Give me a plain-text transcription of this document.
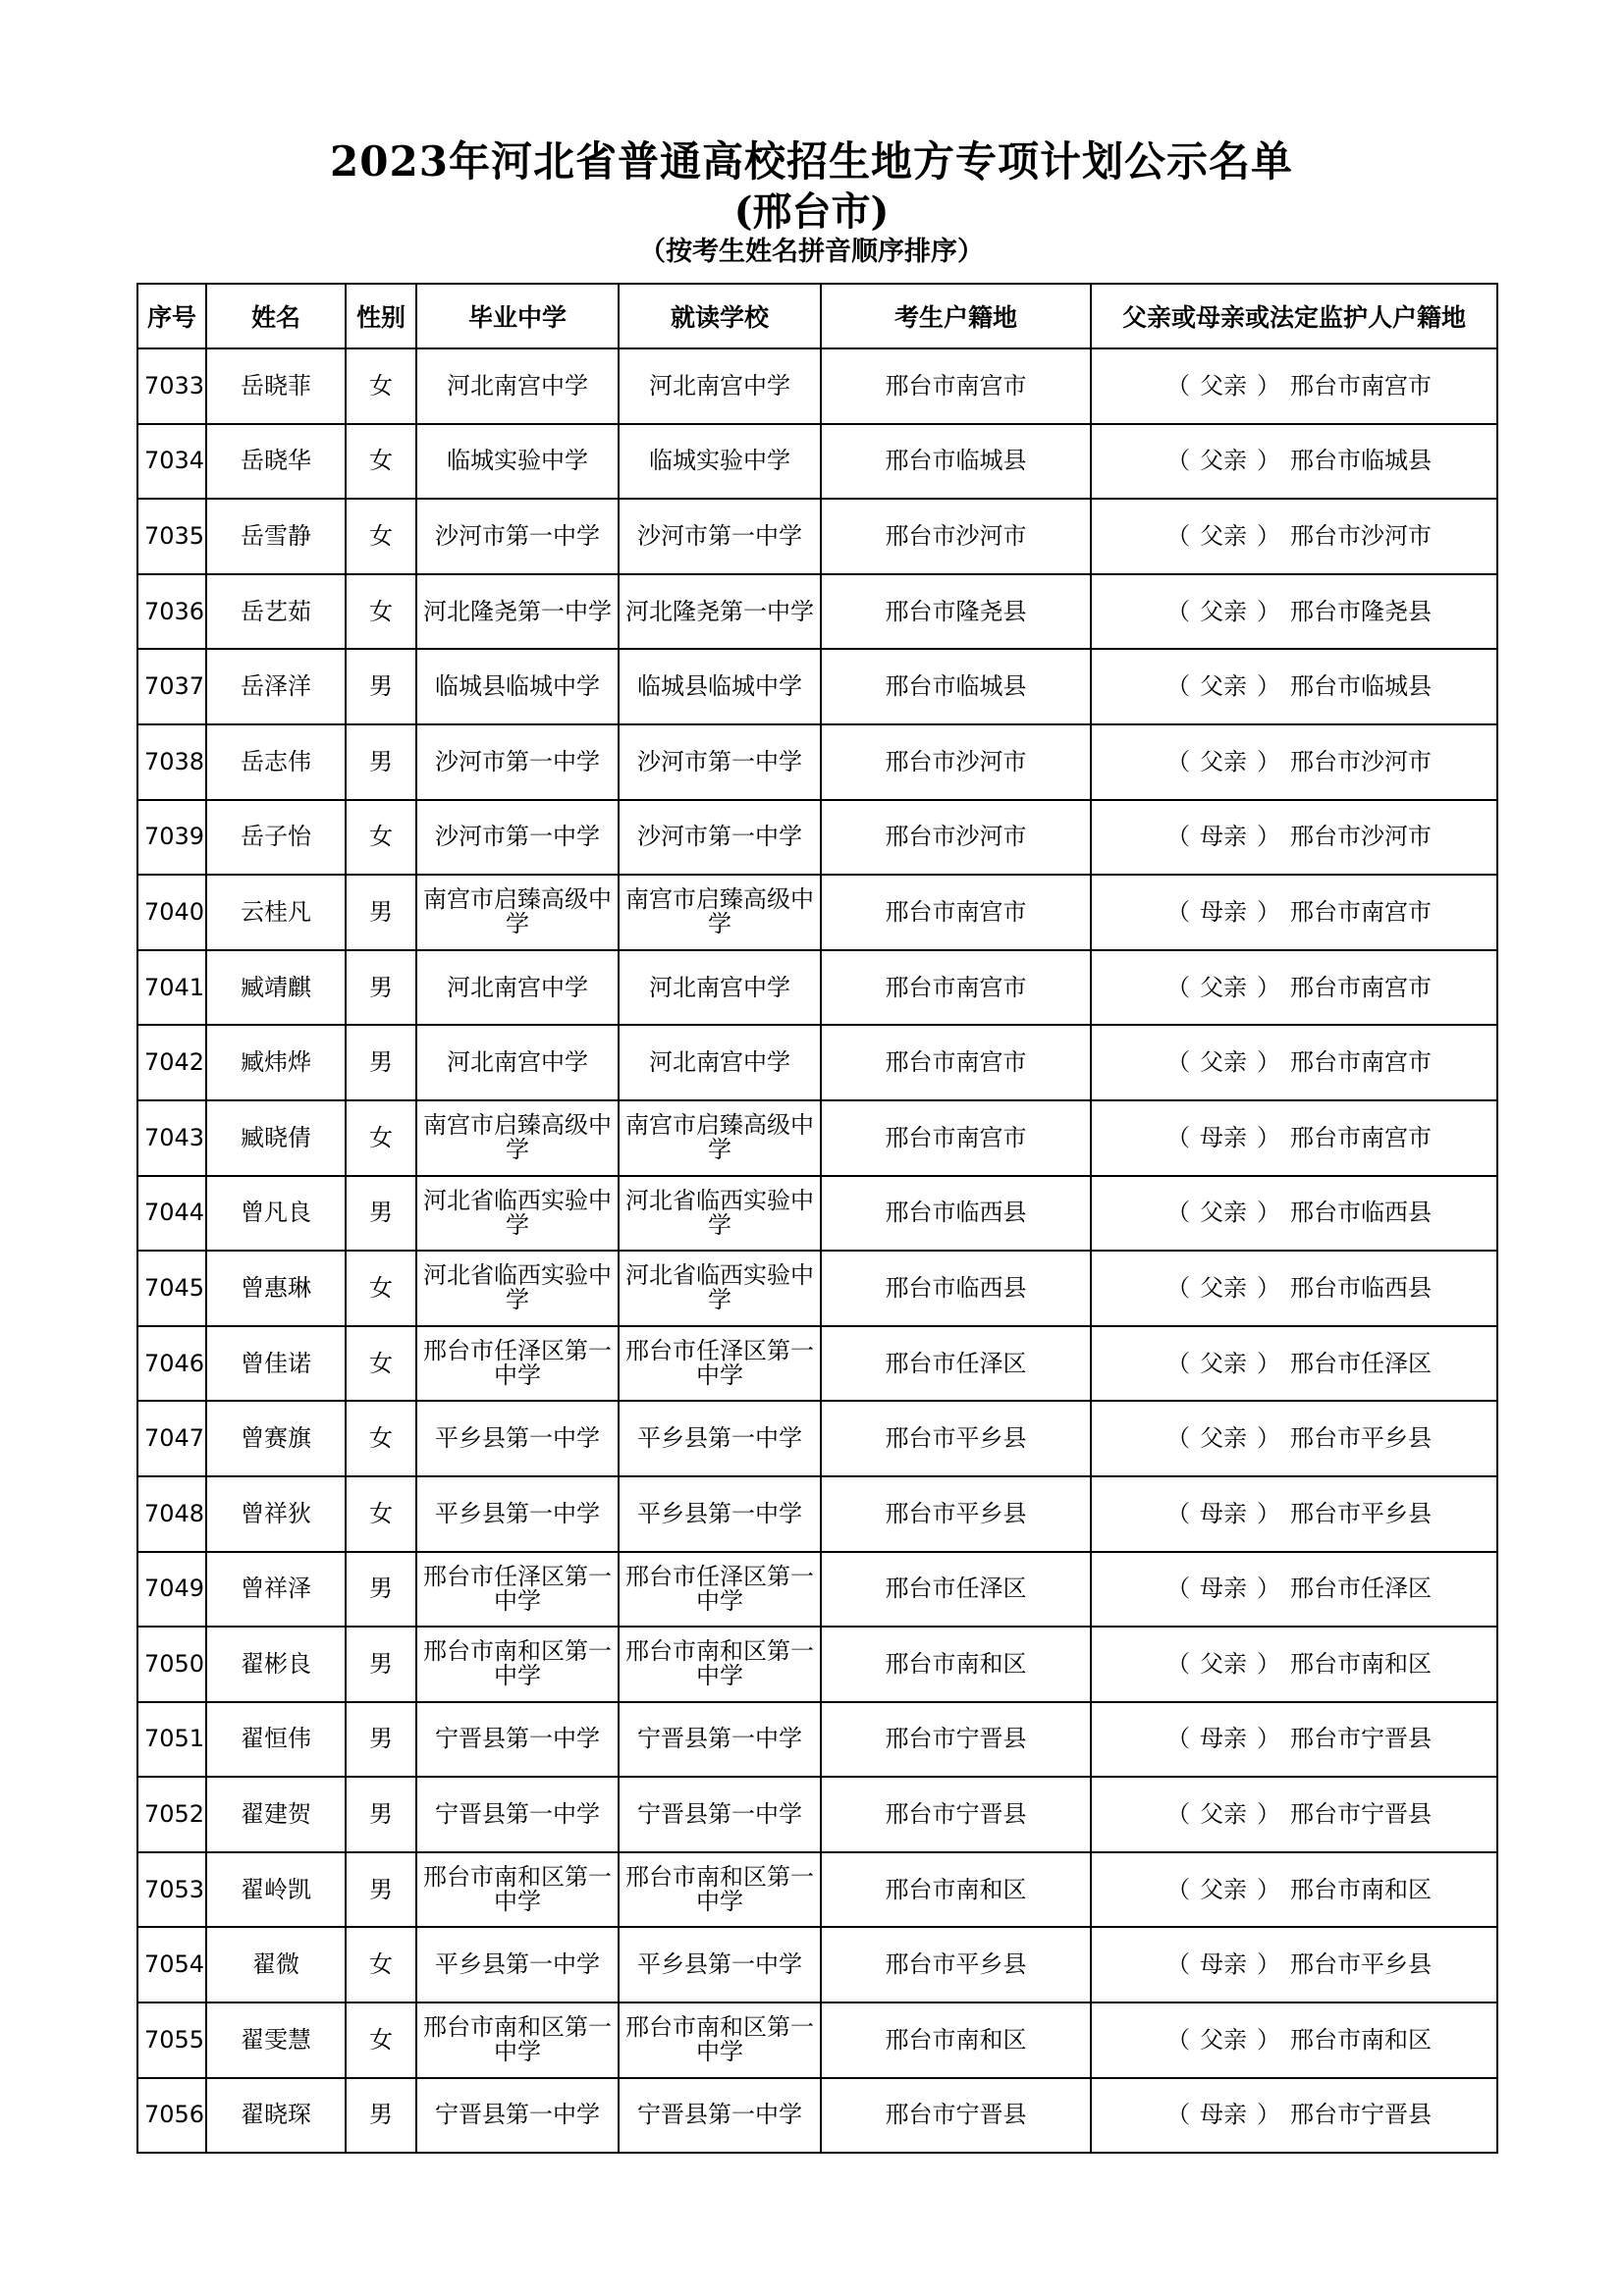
2023年河北省普通高校招生地方专项计划公示名单
(邢台市)
（按考生姓名拼音顺序排序）
序号	姓名	性别	毕业中学	就读学校	考生户籍地	父亲或母亲或法定监护人户籍地
7033	岳晓菲	女	河北南宫中学	河北南宫中学	邢台市南宫市	（ 父亲 ） 邢台市南宫市
7034	岳晓华	女	临城实验中学	临城实验中学	邢台市临城县	（ 父亲 ） 邢台市临城县
7035	岳雪静	女	沙河市第一中学	沙河市第一中学	邢台市沙河市	（ 父亲 ） 邢台市沙河市
7036	岳艺茹	女	河北隆尧第一中学	河北隆尧第一中学	邢台市隆尧县	（ 父亲 ） 邢台市隆尧县
7037	岳泽洋	男	临城县临城中学	临城县临城中学	邢台市临城县	（ 父亲 ） 邢台市临城县
7038	岳志伟	男	沙河市第一中学	沙河市第一中学	邢台市沙河市	（ 父亲 ） 邢台市沙河市
7039	岳子怡	女	沙河市第一中学	沙河市第一中学	邢台市沙河市	（ 母亲 ） 邢台市沙河市
7040	云桂凡	男	南宫市启臻高级中学	南宫市启臻高级中学	邢台市南宫市	（ 母亲 ） 邢台市南宫市
7041	臧靖麒	男	河北南宫中学	河北南宫中学	邢台市南宫市	（ 父亲 ） 邢台市南宫市
7042	臧炜烨	男	河北南宫中学	河北南宫中学	邢台市南宫市	（ 父亲 ） 邢台市南宫市
7043	臧晓倩	女	南宫市启臻高级中学	南宫市启臻高级中学	邢台市南宫市	（ 母亲 ） 邢台市南宫市
7044	曾凡良	男	河北省临西实验中学	河北省临西实验中学	邢台市临西县	（ 父亲 ） 邢台市临西县
7045	曾惠琳	女	河北省临西实验中学	河北省临西实验中学	邢台市临西县	（ 父亲 ） 邢台市临西县
7046	曾佳诺	女	邢台市任泽区第一中学	邢台市任泽区第一中学	邢台市任泽区	（ 父亲 ） 邢台市任泽区
7047	曾赛旗	女	平乡县第一中学	平乡县第一中学	邢台市平乡县	（ 父亲 ） 邢台市平乡县
7048	曾祥狄	女	平乡县第一中学	平乡县第一中学	邢台市平乡县	（ 母亲 ） 邢台市平乡县
7049	曾祥泽	男	邢台市任泽区第一中学	邢台市任泽区第一中学	邢台市任泽区	（ 母亲 ） 邢台市任泽区
7050	翟彬良	男	邢台市南和区第一中学	邢台市南和区第一中学	邢台市南和区	（ 父亲 ） 邢台市南和区
7051	翟恒伟	男	宁晋县第一中学	宁晋县第一中学	邢台市宁晋县	（ 母亲 ） 邢台市宁晋县
7052	翟建贺	男	宁晋县第一中学	宁晋县第一中学	邢台市宁晋县	（ 父亲 ） 邢台市宁晋县
7053	翟岭凯	男	邢台市南和区第一中学	邢台市南和区第一中学	邢台市南和区	（ 父亲 ） 邢台市南和区
7054	翟微	女	平乡县第一中学	平乡县第一中学	邢台市平乡县	（ 母亲 ） 邢台市平乡县
7055	翟雯慧	女	邢台市南和区第一中学	邢台市南和区第一中学	邢台市南和区	（ 父亲 ） 邢台市南和区
7056	翟晓琛	男	宁晋县第一中学	宁晋县第一中学	邢台市宁晋县	（ 母亲 ） 邢台市宁晋县
